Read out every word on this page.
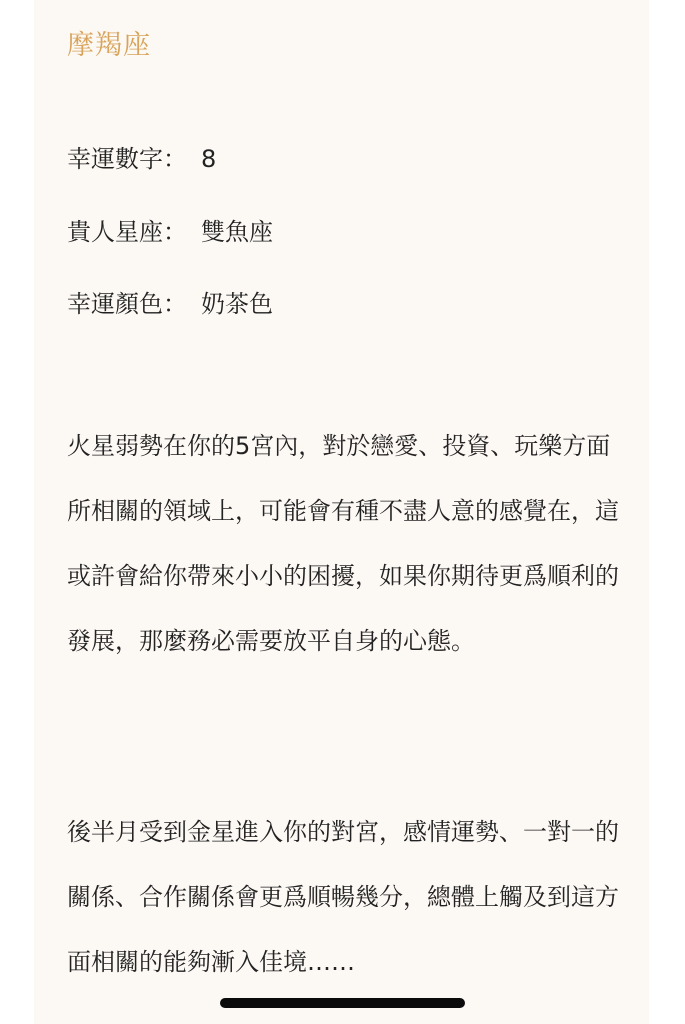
摩羯座
幸運數字： 8
貴人星座： 雙魚座
幸運顏色： 奶茶色
火星弱勢在你的5宮內，對於戀愛、投資、玩樂方面所相關的領域上，可能會有種不盡人意的感覺在，這或許會給你帶來小小的困擾，如果你期待更爲順利的發展，那麼務必需要放平自身的心態。
後半月受到金星進入你的對宮，感情運勢、一對一的關係、合作關係會更爲順暢幾分，總體上觸及到這方面相關的能夠漸入佳境……
